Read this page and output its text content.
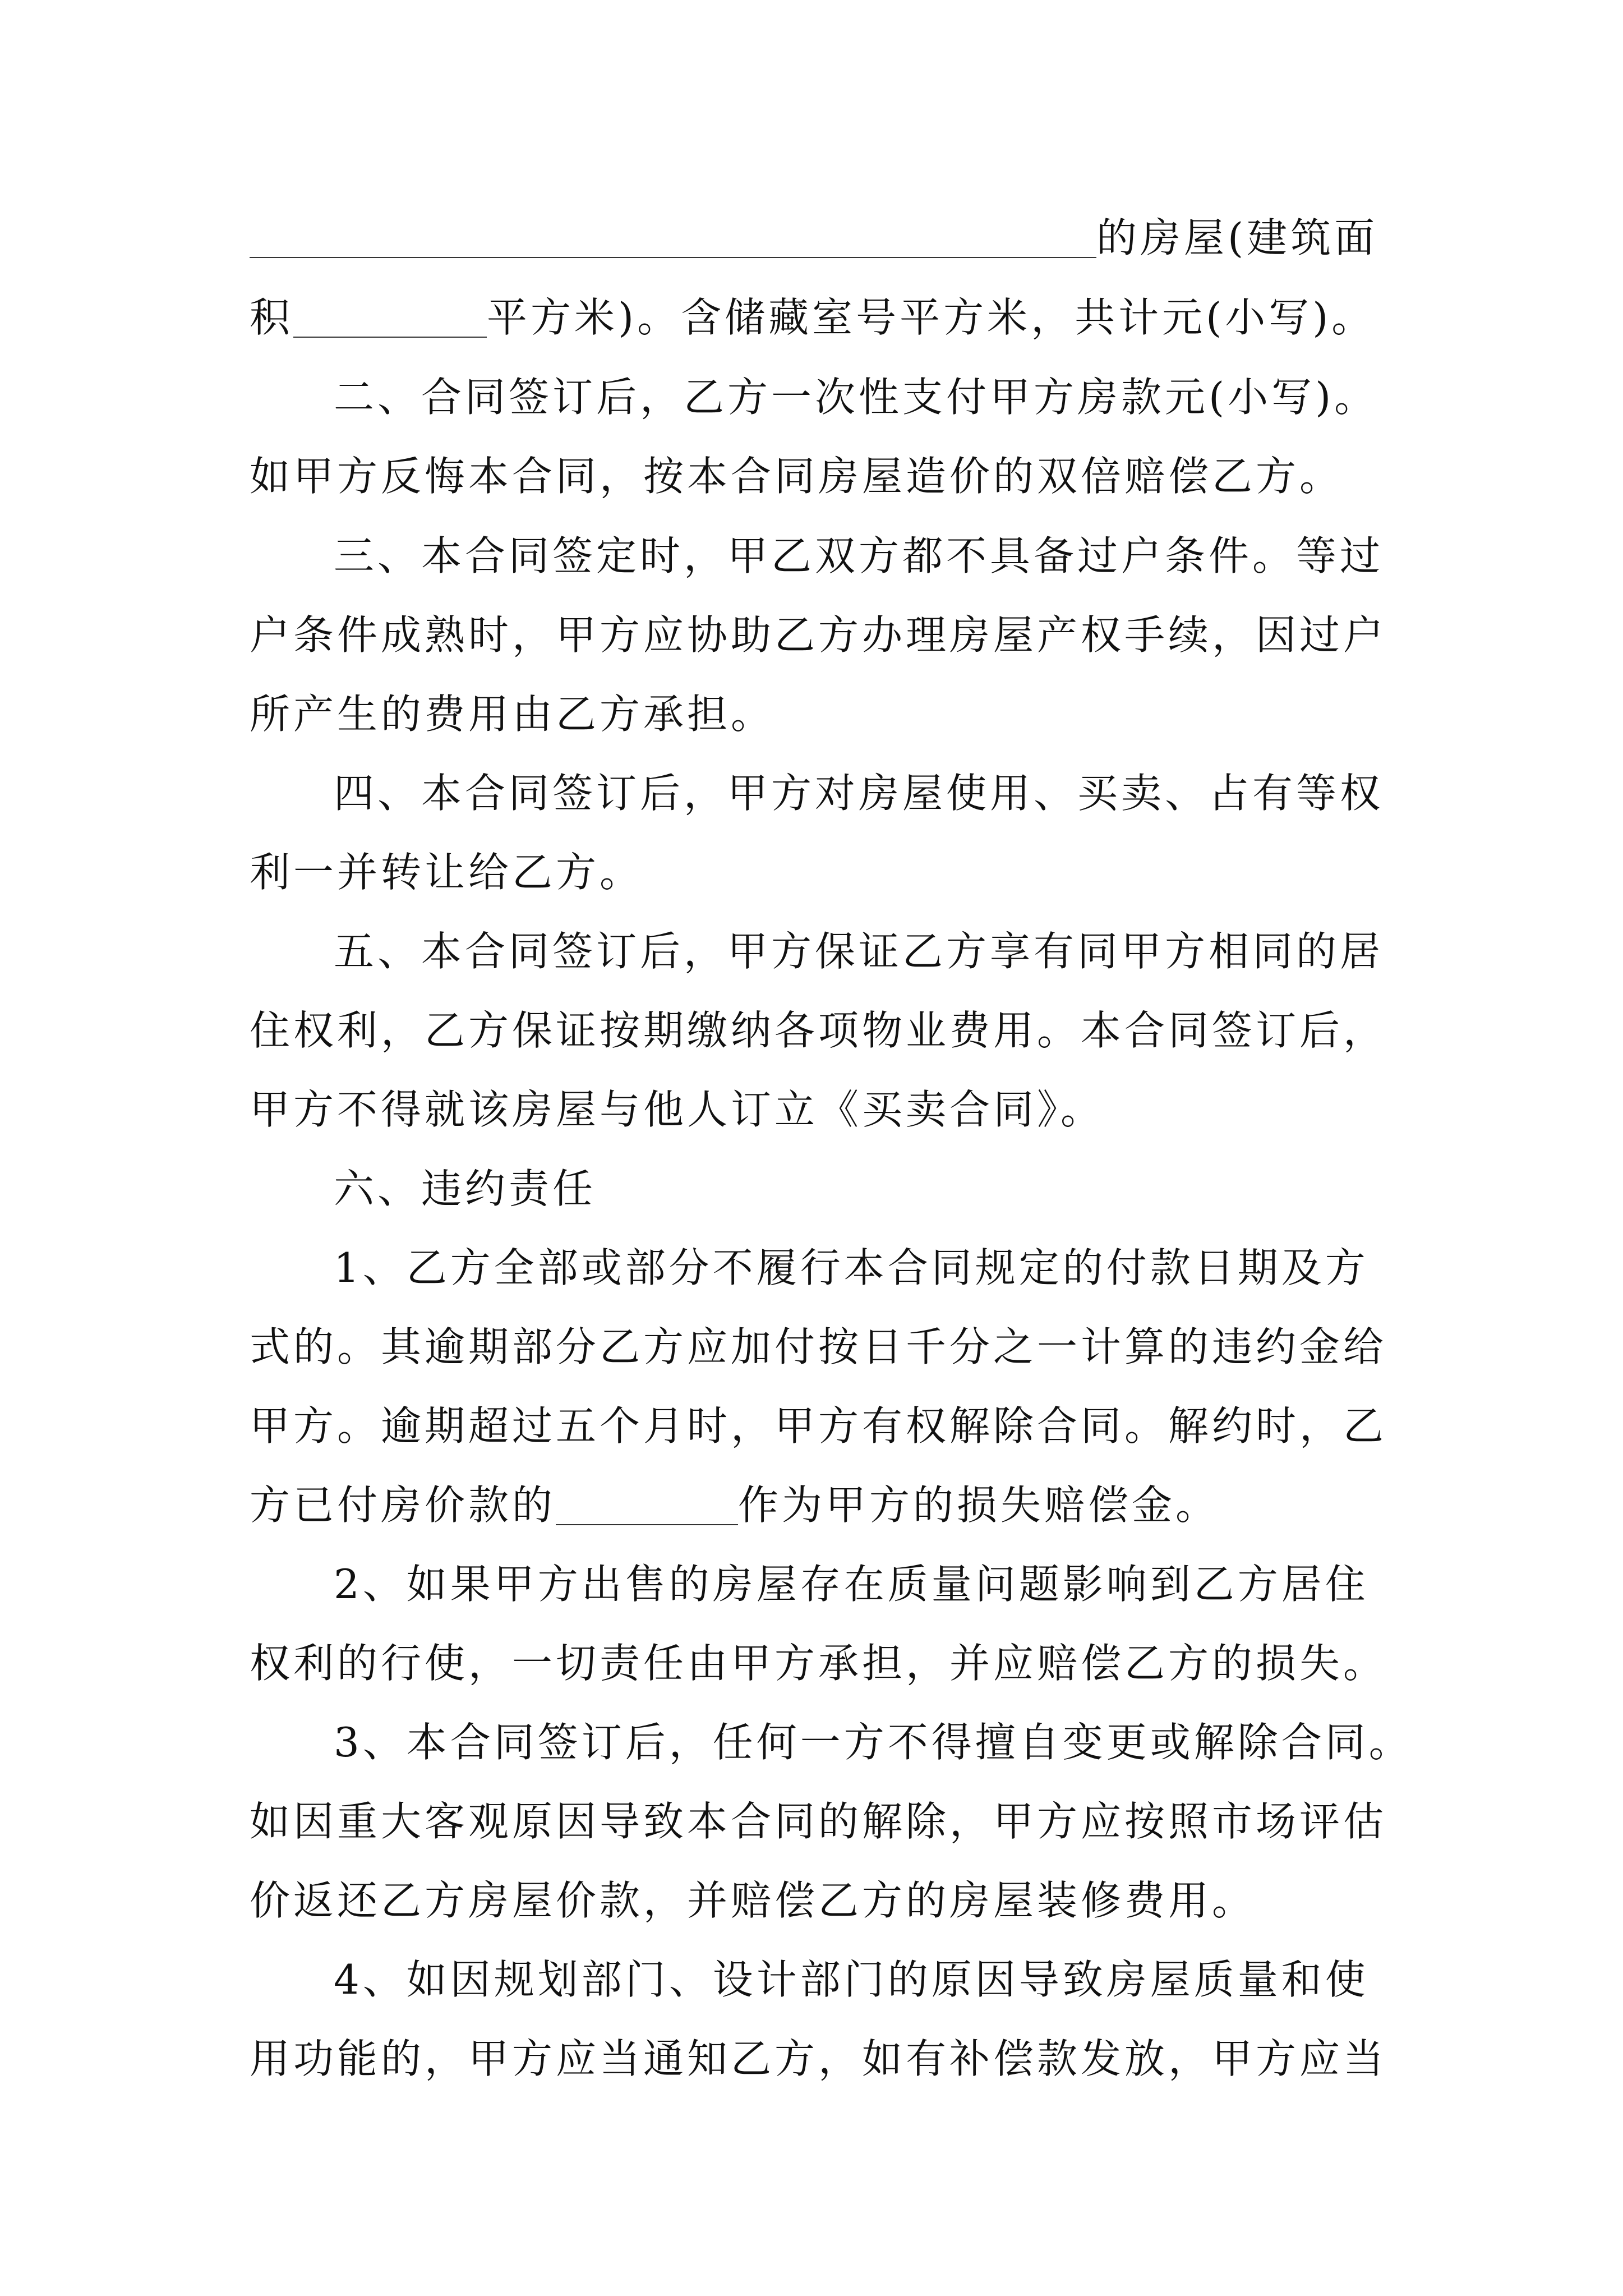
的房屋(建筑面
积	平方米)。含储藏室号平方米，共计元(小写)。
二、合同签订后，乙方一次性支付甲方房款元(小写)。
如甲方反悔本合同，按本合同房屋造价的双倍赔偿乙方。
三、本合同签定时，甲乙双方都不具备过户条件。等过
户条件成熟时，甲方应协助乙方办理房屋产权手续，因过户
所产生的费用由乙方承担。
四、本合同签订后，甲方对房屋使用、买卖、占有等权
利一并转让给乙方。
五、本合同签订后，甲方保证乙方享有同甲方相同的居
住权利，乙方保证按期缴纳各项物业费用。本合同签订后，
甲方不得就该房屋与他人订立《买卖合同》。
六、违约责任
1、乙方全部或部分不履行本合同规定的付款日期及方
式的。其逾期部分乙方应加付按日千分之一计算的违约金给
甲方。逾期超过五个月时，甲方有权解除合同。解约时，乙
方已付房价款的	作为甲方的损失赔偿金。
2、如果甲方出售的房屋存在质量问题影响到乙方居住
权利的行使，一切责任由甲方承担，并应赔偿乙方的损失。
3、本合同签订后，任何一方不得擅自变更或解除合同。
如因重大客观原因导致本合同的解除，甲方应按照市场评估
价返还乙方房屋价款，并赔偿乙方的房屋装修费用。
4、如因规划部门、设计部门的原因导致房屋质量和使
用功能的，甲方应当通知乙方，如有补偿款发放，甲方应当
